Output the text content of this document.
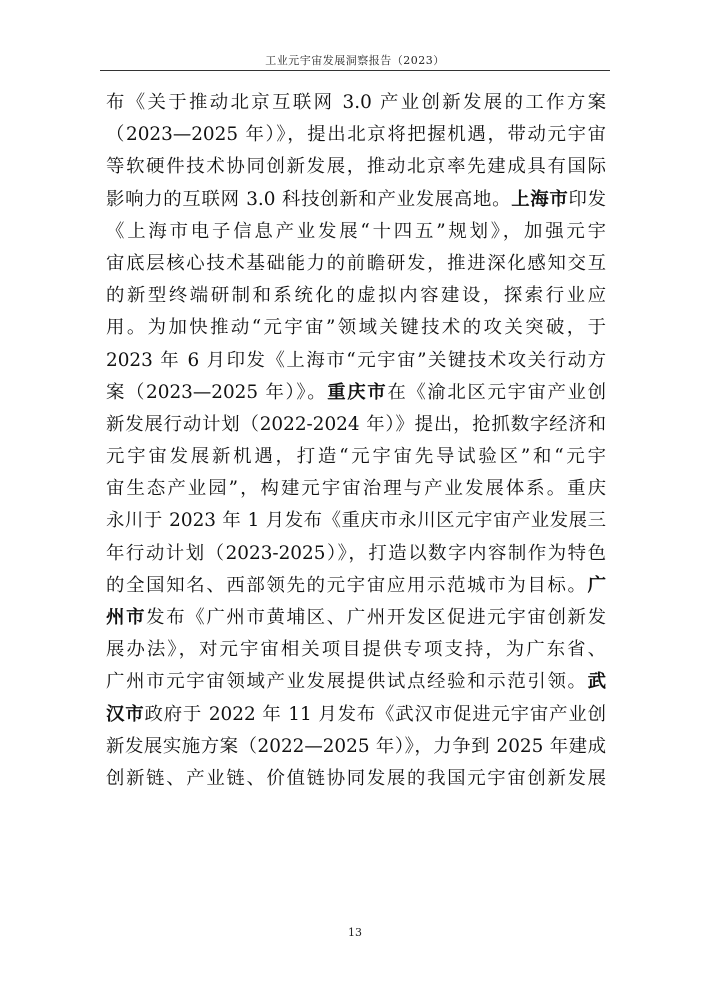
工业元宇宙发展洞察报告（2023）
布《关于推动北京互联网 3.0 产业创新发展的工作方案
（2023—2025 年）》，提出北京将把握机遇，带动元宇宙
等软硬件技术协同创新发展，推动北京率先建成具有国际
影响力的互联网 3.0 科技创新和产业发展高地。上海市印发
《上海市电子信息产业发展“十四五”规划》，加强元宇
宙底层核心技术基础能力的前瞻研发，推进深化感知交互
的新型终端研制和系统化的虚拟内容建设，探索行业应
用。为加快推动“元宇宙”领域关键技术的攻关突破，于
2023 年 6 月印发《上海市“元宇宙”关键技术攻关行动方
案（2023—2025 年）》。重庆市在《渝北区元宇宙产业创
新发展行动计划（2022-2024 年）》提出，抢抓数字经济和
元宇宙发展新机遇，打造“元宇宙先导试验区”和“元宇
宙生态产业园”，构建元宇宙治理与产业发展体系。重庆
永川于 2023 年 1 月发布《重庆市永川区元宇宙产业发展三
年行动计划（2023-2025）》，打造以数字内容制作为特色
的全国知名、西部领先的元宇宙应用示范城市为目标。广
州市发布《广州市黄埔区、广州开发区促进元宇宙创新发
展办法》，对元宇宙相关项目提供专项支持，为广东省、
广州市元宇宙领域产业发展提供试点经验和示范引领。武
汉市政府于 2022 年 11 月发布《武汉市促进元宇宙产业创
新发展实施方案（2022—2025 年）》，力争到 2025 年建成
创新链、产业链、价值链协同发展的我国元宇宙创新发展
13
